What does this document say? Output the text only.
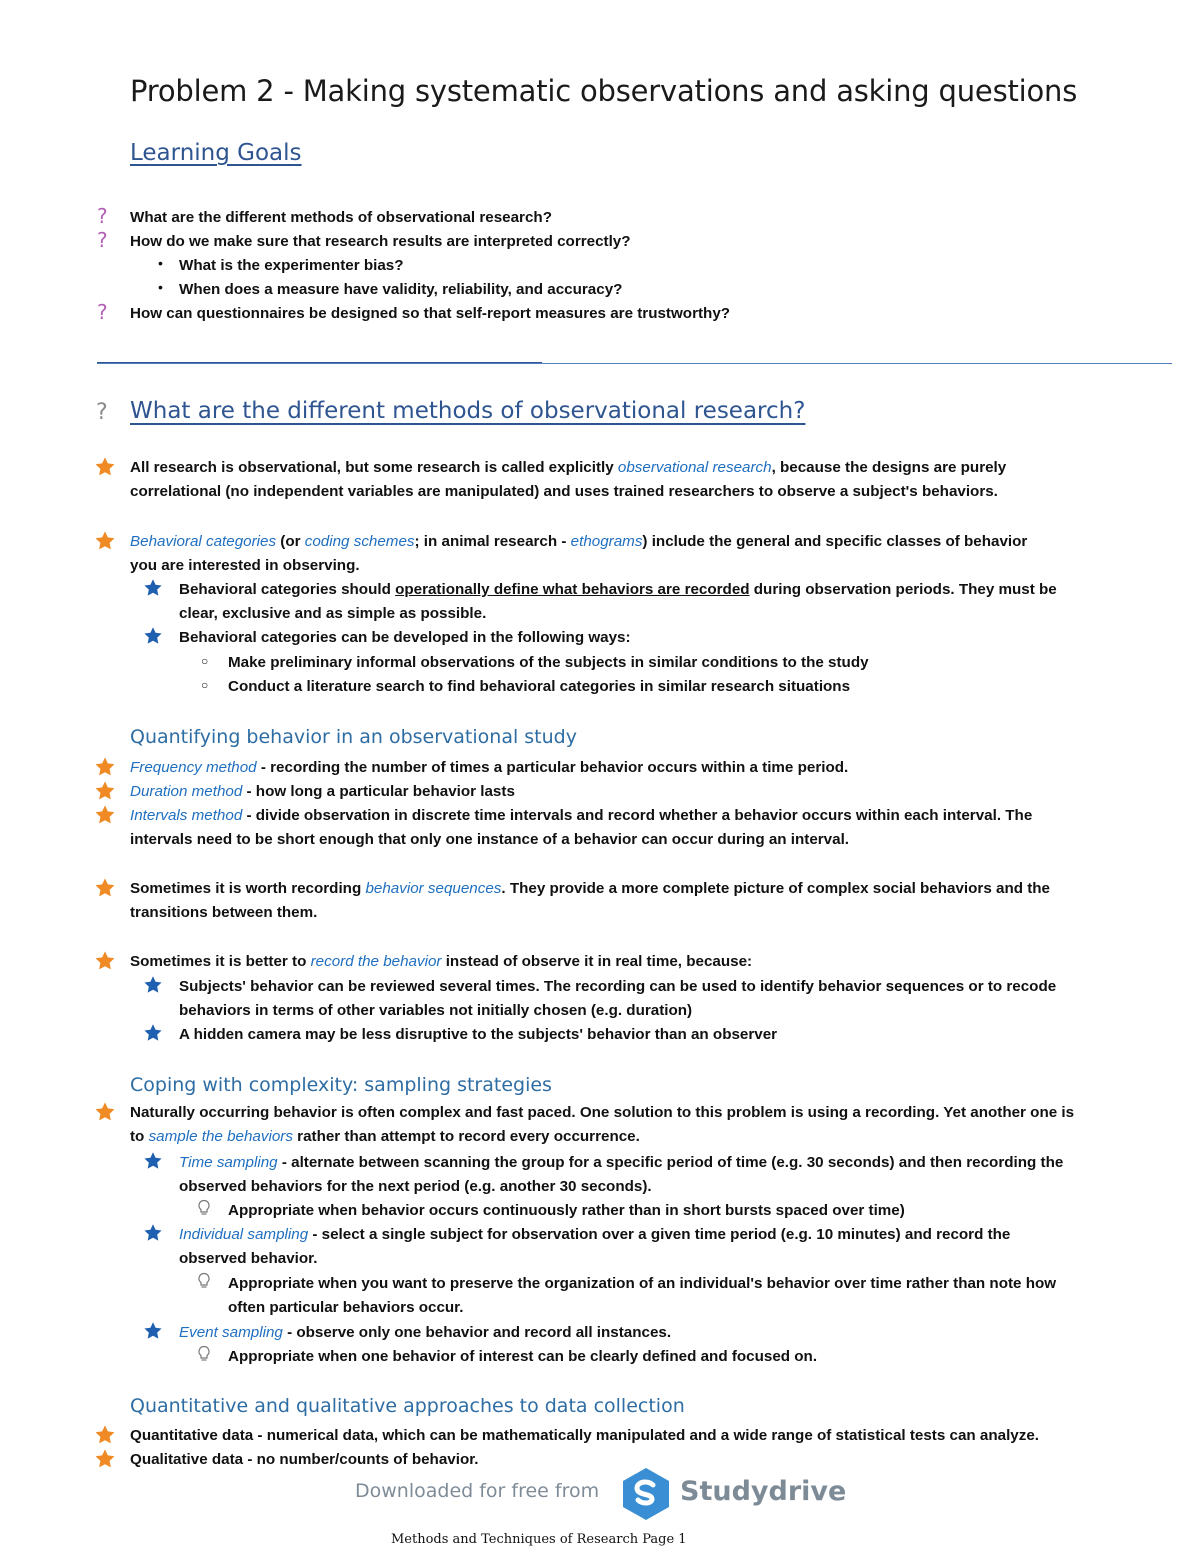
Problem 2 - Making systematic observations and asking questions
Learning Goals
? What are the different methods of observational research?
? How do we make sure that research results are interpreted correctly?
• What is the experimenter bias?
• When does a measure have validity, reliability, and accuracy?
? How can questionnaires be designed so that self-report measures are trustworthy?
? What are the different methods of observational research?
All research is observational, but some research is called explicitly observational research, because the designs are purely
correlational (no independent variables are manipulated) and uses trained researchers to observe a subject's behaviors.
Behavioral categories (or coding schemes; in animal research - ethograms) include the general and specific classes of behavior
you are interested in observing.
Behavioral categories should operationally define what behaviors are recorded during observation periods. They must be
clear, exclusive and as simple as possible.
Behavioral categories can be developed in the following ways:
○ Make preliminary informal observations of the subjects in similar conditions to the study
○ Conduct a literature search to find behavioral categories in similar research situations
Quantifying behavior in an observational study
Frequency method - recording the number of times a particular behavior occurs within a time period.
Duration method - how long a particular behavior lasts
Intervals method - divide observation in discrete time intervals and record whether a behavior occurs within each interval. The
intervals need to be short enough that only one instance of a behavior can occur during an interval.
Sometimes it is worth recording behavior sequences. They provide a more complete picture of complex social behaviors and the
transitions between them.
Sometimes it is better to record the behavior instead of observe it in real time, because:
Subjects' behavior can be reviewed several times. The recording can be used to identify behavior sequences or to recode
behaviors in terms of other variables not initially chosen (e.g. duration)
A hidden camera may be less disruptive to the subjects' behavior than an observer
Coping with complexity: sampling strategies
Naturally occurring behavior is often complex and fast paced. One solution to this problem is using a recording. Yet another one is
to sample the behaviors rather than attempt to record every occurrence.
Time sampling - alternate between scanning the group for a specific period of time (e.g. 30 seconds) and then recording the
observed behaviors for the next period (e.g. another 30 seconds).
Appropriate when behavior occurs continuously rather than in short bursts spaced over time)
Individual sampling - select a single subject for observation over a given time period (e.g. 10 minutes) and record the
observed behavior.
Appropriate when you want to preserve the organization of an individual's behavior over time rather than note how
often particular behaviors occur.
Event sampling - observe only one behavior and record all instances.
Appropriate when one behavior of interest can be clearly defined and focused on.
Quantitative and qualitative approaches to data collection
Quantitative data - numerical data, which can be mathematically manipulated and a wide range of statistical tests can analyze.
Qualitative data - no number/counts of behavior.
Downloaded for free from	Studydrive
Methods and Techniques of Research Page 1
